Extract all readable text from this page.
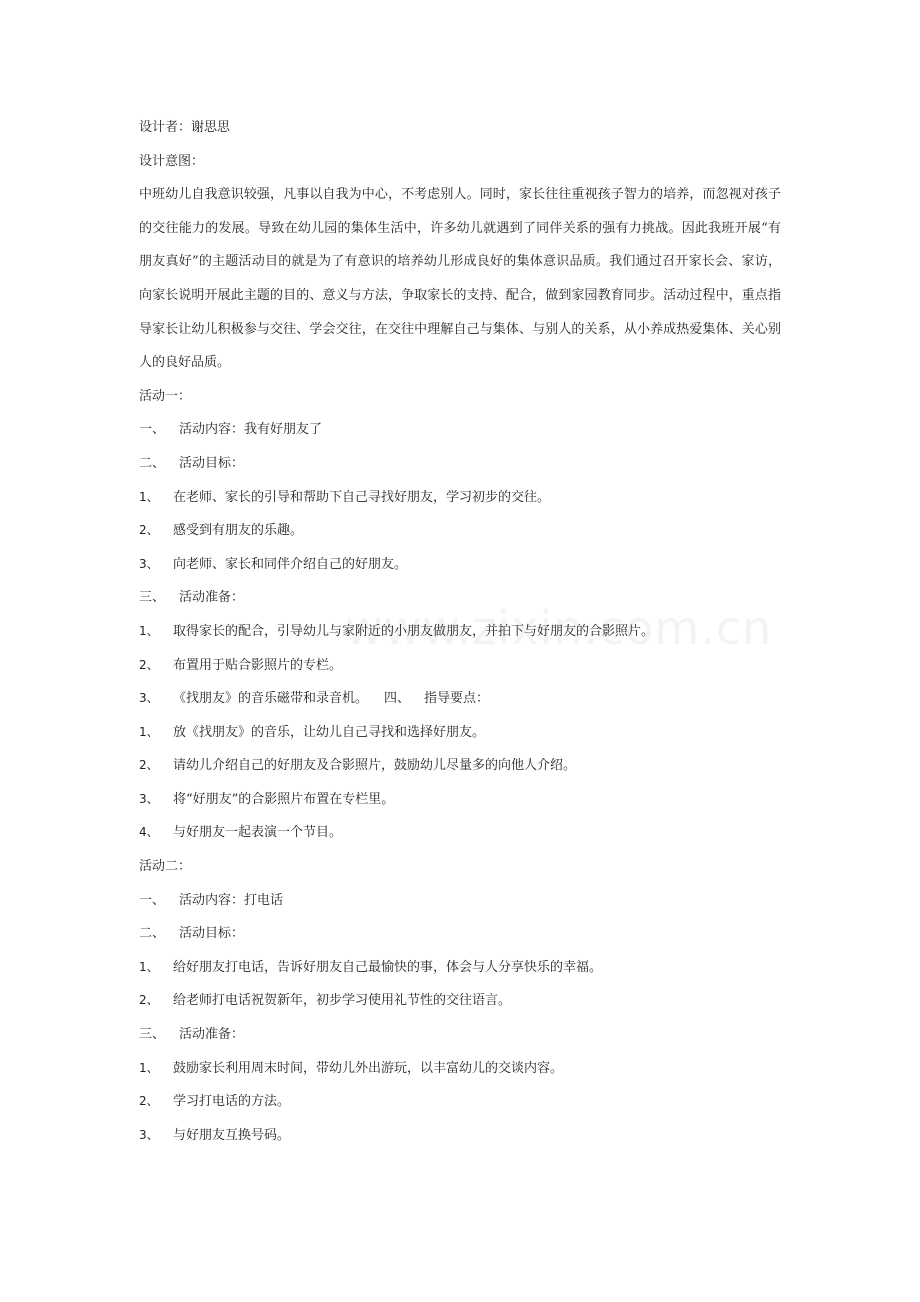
设计者：谢思思
设计意图：
中班幼儿自我意识较强，凡事以自我为中心，不考虑别人。同时，家长往往重视孩子智力的培养，而忽视对孩子的交往能力的发展。导致在幼儿园的集体生活中，许多幼儿就遇到了同伴关系的强有力挑战。因此我班开展“有朋友真好”的主题活动目的就是为了有意识的培养幼儿形成良好的集体意识品质。我们通过召开家长会、家访，向家长说明开展此主题的目的、意义与方法，争取家长的支持、配合，做到家园教育同步。活动过程中，重点指导家长让幼儿积极参与交往、学会交往，在交往中理解自己与集体、与别人的关系，从小养成热爱集体、关心别人的良好品质。
活动一：
一、 活动内容：我有好朋友了
二、 活动目标：
1、 在老师、家长的引导和帮助下自己寻找好朋友，学习初步的交往。
2、 感受到有朋友的乐趣。
3、 向老师、家长和同伴介绍自己的好朋友。
三、 活动准备：
1、 取得家长的配合，引导幼儿与家附近的小朋友做朋友，并拍下与好朋友的合影照片。
2、 布置用于贴合影照片的专栏。
3、 《找朋友》的音乐磁带和录音机。 四、 指导要点：
1、 放《找朋友》的音乐，让幼儿自己寻找和选择好朋友。
2、 请幼儿介绍自己的好朋友及合影照片，鼓励幼儿尽量多的向他人介绍。
3、 将“好朋友”的合影照片布置在专栏里。
4、 与好朋友一起表演一个节目。
活动二：
一、 活动内容：打电话
二、 活动目标：
1、 给好朋友打电话，告诉好朋友自己最愉快的事，体会与人分享快乐的幸福。
2、 给老师打电话祝贺新年，初步学习使用礼节性的交往语言。
三、 活动准备：
1、 鼓励家长利用周末时间，带幼儿外出游玩，以丰富幼儿的交谈内容。
2、 学习打电话的方法。
3、 与好朋友互换号码。
